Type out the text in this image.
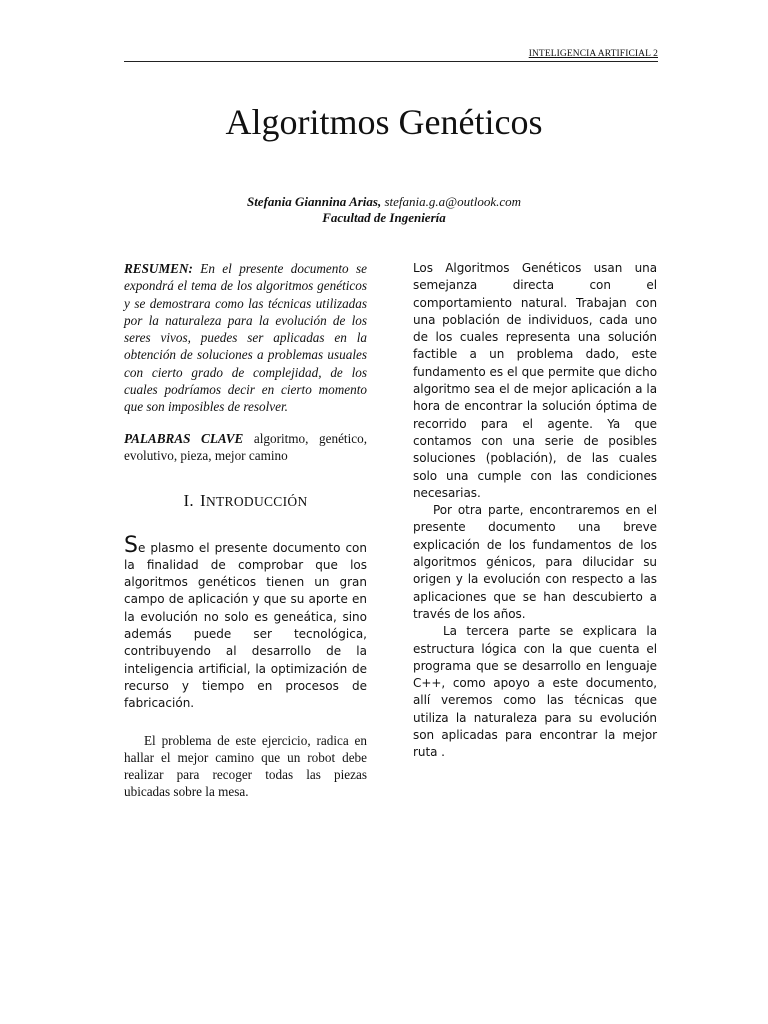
INTELIGENCIA ARTIFICIAL 2
Algoritmos Genéticos
Stefania Giannina Arias, stefania.g.a@outlook.com
Facultad de Ingeniería
RESUMEN: En el presente documento se expondrá el tema de los algoritmos genéticos y se demostrara como las técnicas utilizadas por la naturaleza para la evolución de los seres vivos, puedes ser aplicadas en la obtención de soluciones a problemas usuales con cierto grado de complejidad, de los cuales podríamos decir en cierto momento que son imposibles de resolver.
PALABRAS CLAVE algoritmo, genético, evolutivo, pieza, mejor camino
I. INTRODUCCIÓN
Se plasmo el presente documento con la finalidad de comprobar que los algoritmos genéticos tienen un gran campo de aplicación y que su aporte en la evolución no solo es geneática, sino además puede ser tecnológica, contribuyendo al desarrollo de la inteligencia artificial, la optimización de recurso y tiempo en procesos de fabricación.
El problema de este ejercicio, radica en hallar el mejor camino que un robot debe realizar para recoger todas las piezas ubicadas sobre la mesa.

Los Algoritmos Genéticos usan una semejanza directa con el comportamiento natural. Trabajan con una población de individuos, cada uno de los cuales representa una solución factible a un problema dado, este fundamento es el que permite que dicho algoritmo sea el de mejor aplicación a la hora de encontrar la solución óptima de recorrido para el agente. Ya que contamos con una serie de posibles soluciones (población), de las cuales solo una cumple con las condiciones necesarias.

Por otra parte, encontraremos en el presente documento una breve explicación de los fundamentos de los algoritmos génicos, para dilucidar su origen y la evolución con respecto a las aplicaciones que se han descubierto a través de los años.

La tercera parte se explicara la estructura lógica con la que cuenta el programa que se desarrollo en lenguaje C++, como apoyo a este documento, allí veremos como las técnicas que utiliza la naturaleza para su evolución son aplicadas para encontrar la mejor ruta .
